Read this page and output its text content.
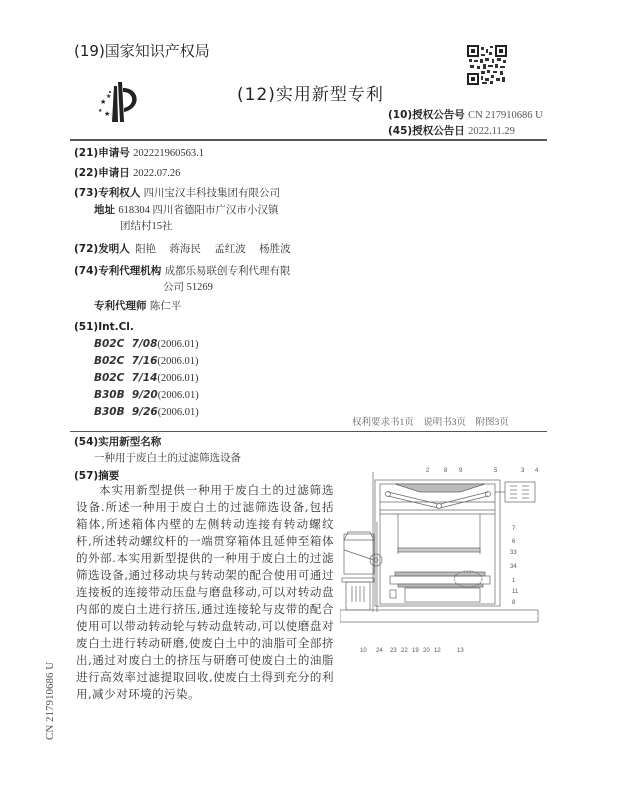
(19)国家知识产权局
★
★
★ ★
(12)实用新型专利
(10)授权公告号 CN 217910686 U
(45)授权公告日 2022.11.29
(21)申请号 202221960563.1
(22)申请日 2022.07.26
(73)专利权人 四川宝汉丰科技集团有限公司
地址 618304 四川省德阳市广汉市小汉镇
团结村15社
(72)发明人 阳艳 蒋海民 孟红波 杨胜波
(74)专利代理机构 成都乐易联创专利代理有限
公司 51269
专利代理师 陈仁平
(51)Int.Cl.
B02C  7/08(2006.01)
B02C  7/16(2006.01)
B02C  7/14(2006.01)
B30B  9/20(2006.01)
B30B  9/26(2006.01)
权利要求书1页　说明书3页　附图3页
(54)实用新型名称
一种用于废白土的过滤筛选设备
(57)摘要

本实用新型提供一种用于废白土的过滤筛选设备.所述一种用于废白土的过滤筛选设备,包括箱体,所述箱体内壁的左侧转动连接有转动螺纹杆,所述转动螺纹杆的一端贯穿箱体且延伸至箱体的外部.本实用新型提供的一种用于废白土的过滤筛选设备,通过移动块与转动架的配合使用可通过连接板的连接带动压盘与磨盘移动,可以对转动盘内部的废白土进行挤压,通过连接轮与皮带的配合使用可以带动转动轮与转动盘转动,可以使磨盘对废白土进行转动研磨,使废白土中的油脂可全部挤出,通过对废白土的挤压与研磨可使废白土的油脂进行高效率过滤提取回收,使废白土得到充分的利用,减少对环境的污染。

2 8 9	5	3 4
7
6
33
34
1
11
8
10 24 23 22 19 20 12	13
CN 217910686 U
